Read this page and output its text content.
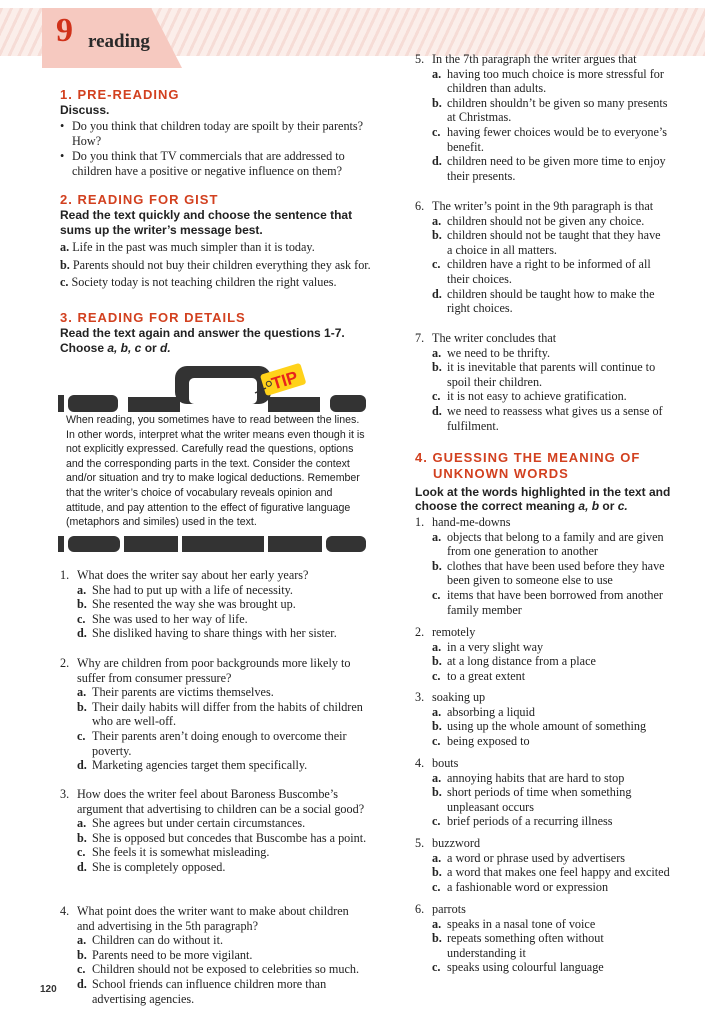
9 reading
1. PRE-READING

Discuss.

• Do you think that children today are spoilt by their parents? How?
• Do you think that TV commercials that are addressed to children have a positive or negative influence on them?
2. READING FOR GIST

Read the text quickly and choose the sentence that sums up the writer’s message best.

a. Life in the past was much simpler than it is today.
b. Parents should not buy their children everything they ask for.
c. Society today is not teaching children the right values.
3. READING FOR DETAILS

Read the text again and answer the questions 1-7.

Choose a, b, c or d.

TIP

When reading, you sometimes have to read between the lines. In other words, interpret what the writer means even though it is not explicitly expressed. Carefully read the questions, options and the corresponding parts in the text. Consider the context and/or situation and try to make logical deductions. Remember that the writer’s choice of vocabulary reveals opinion and attitude, and pay attention to the effect of figurative language (metaphors and similes) used in the text.

1. What does the writer say about her early years?
a. She had to put up with a life of necessity.
b. She resented the way she was brought up.
c. She was used to her way of life.
d. She disliked having to share things with her sister.
2. Why are children from poor backgrounds more likely to
suffer from consumer pressure?
a. Their parents are victims themselves.
b. Their daily habits will differ from the habits of children
who are well-off.
c. Their parents aren’t doing enough to overcome their
poverty.
d. Marketing agencies target them specifically.
3. How does the writer feel about Baroness Buscombe’s
argument that advertising to children can be a social good?
a. She agrees but under certain circumstances.
b. She is opposed but concedes that Buscombe has a point.
c. She feels it is somewhat misleading.
d. She is completely opposed.
4. What point does the writer want to make about children
and advertising in the 5th paragraph?
a. Children can do without it.
b. Parents need to be more vigilant.
c. Children should not be exposed to celebrities so much.
d. School friends can influence children more than
advertising agencies.
5. In the 7th paragraph the writer argues that
a. having too much choice is more stressful for
children than adults.
b. children shouldn’t be given so many presents
at Christmas.
c. having fewer choices would be to everyone’s
benefit.
d. children need to be given more time to enjoy
their presents.
6. The writer’s point in the 9th paragraph is that
a. children should not be given any choice.
b. children should not be taught that they have
a choice in all matters.
c. children have a right to be informed of all
their choices.
d. children should be taught how to make the
right choices.
7. The writer concludes that
a. we need to be thrifty.
b. it is inevitable that parents will continue to
spoil their children.
c. it is not easy to achieve gratification.
d. we need to reassess what gives us a sense of
fulfilment.
4. GUESSING THE MEANING OF
UNKNOWN WORDS

Look at the words highlighted in the text and

choose the correct meaning a, b or c.

1. hand-me-downs
a. objects that belong to a family and are given
from one generation to another
b. clothes that have been used before they have
been given to someone else to use
c. items that have been borrowed from another
family member
2. remotely
a. in a very slight way
b. at a long distance from a place
c. to a great extent
3. soaking up
a. absorbing a liquid
b. using up the whole amount of something
c. being exposed to
4. bouts
a. annoying habits that are hard to stop
b. short periods of time when something
unpleasant occurs
c. brief periods of a recurring illness
5. buzzword
a. a word or phrase used by advertisers
b. a word that makes one feel happy and excited
c. a fashionable word or expression
6. parrots
a. speaks in a nasal tone of voice
b. repeats something often without
understanding it
c. speaks using colourful language
120
